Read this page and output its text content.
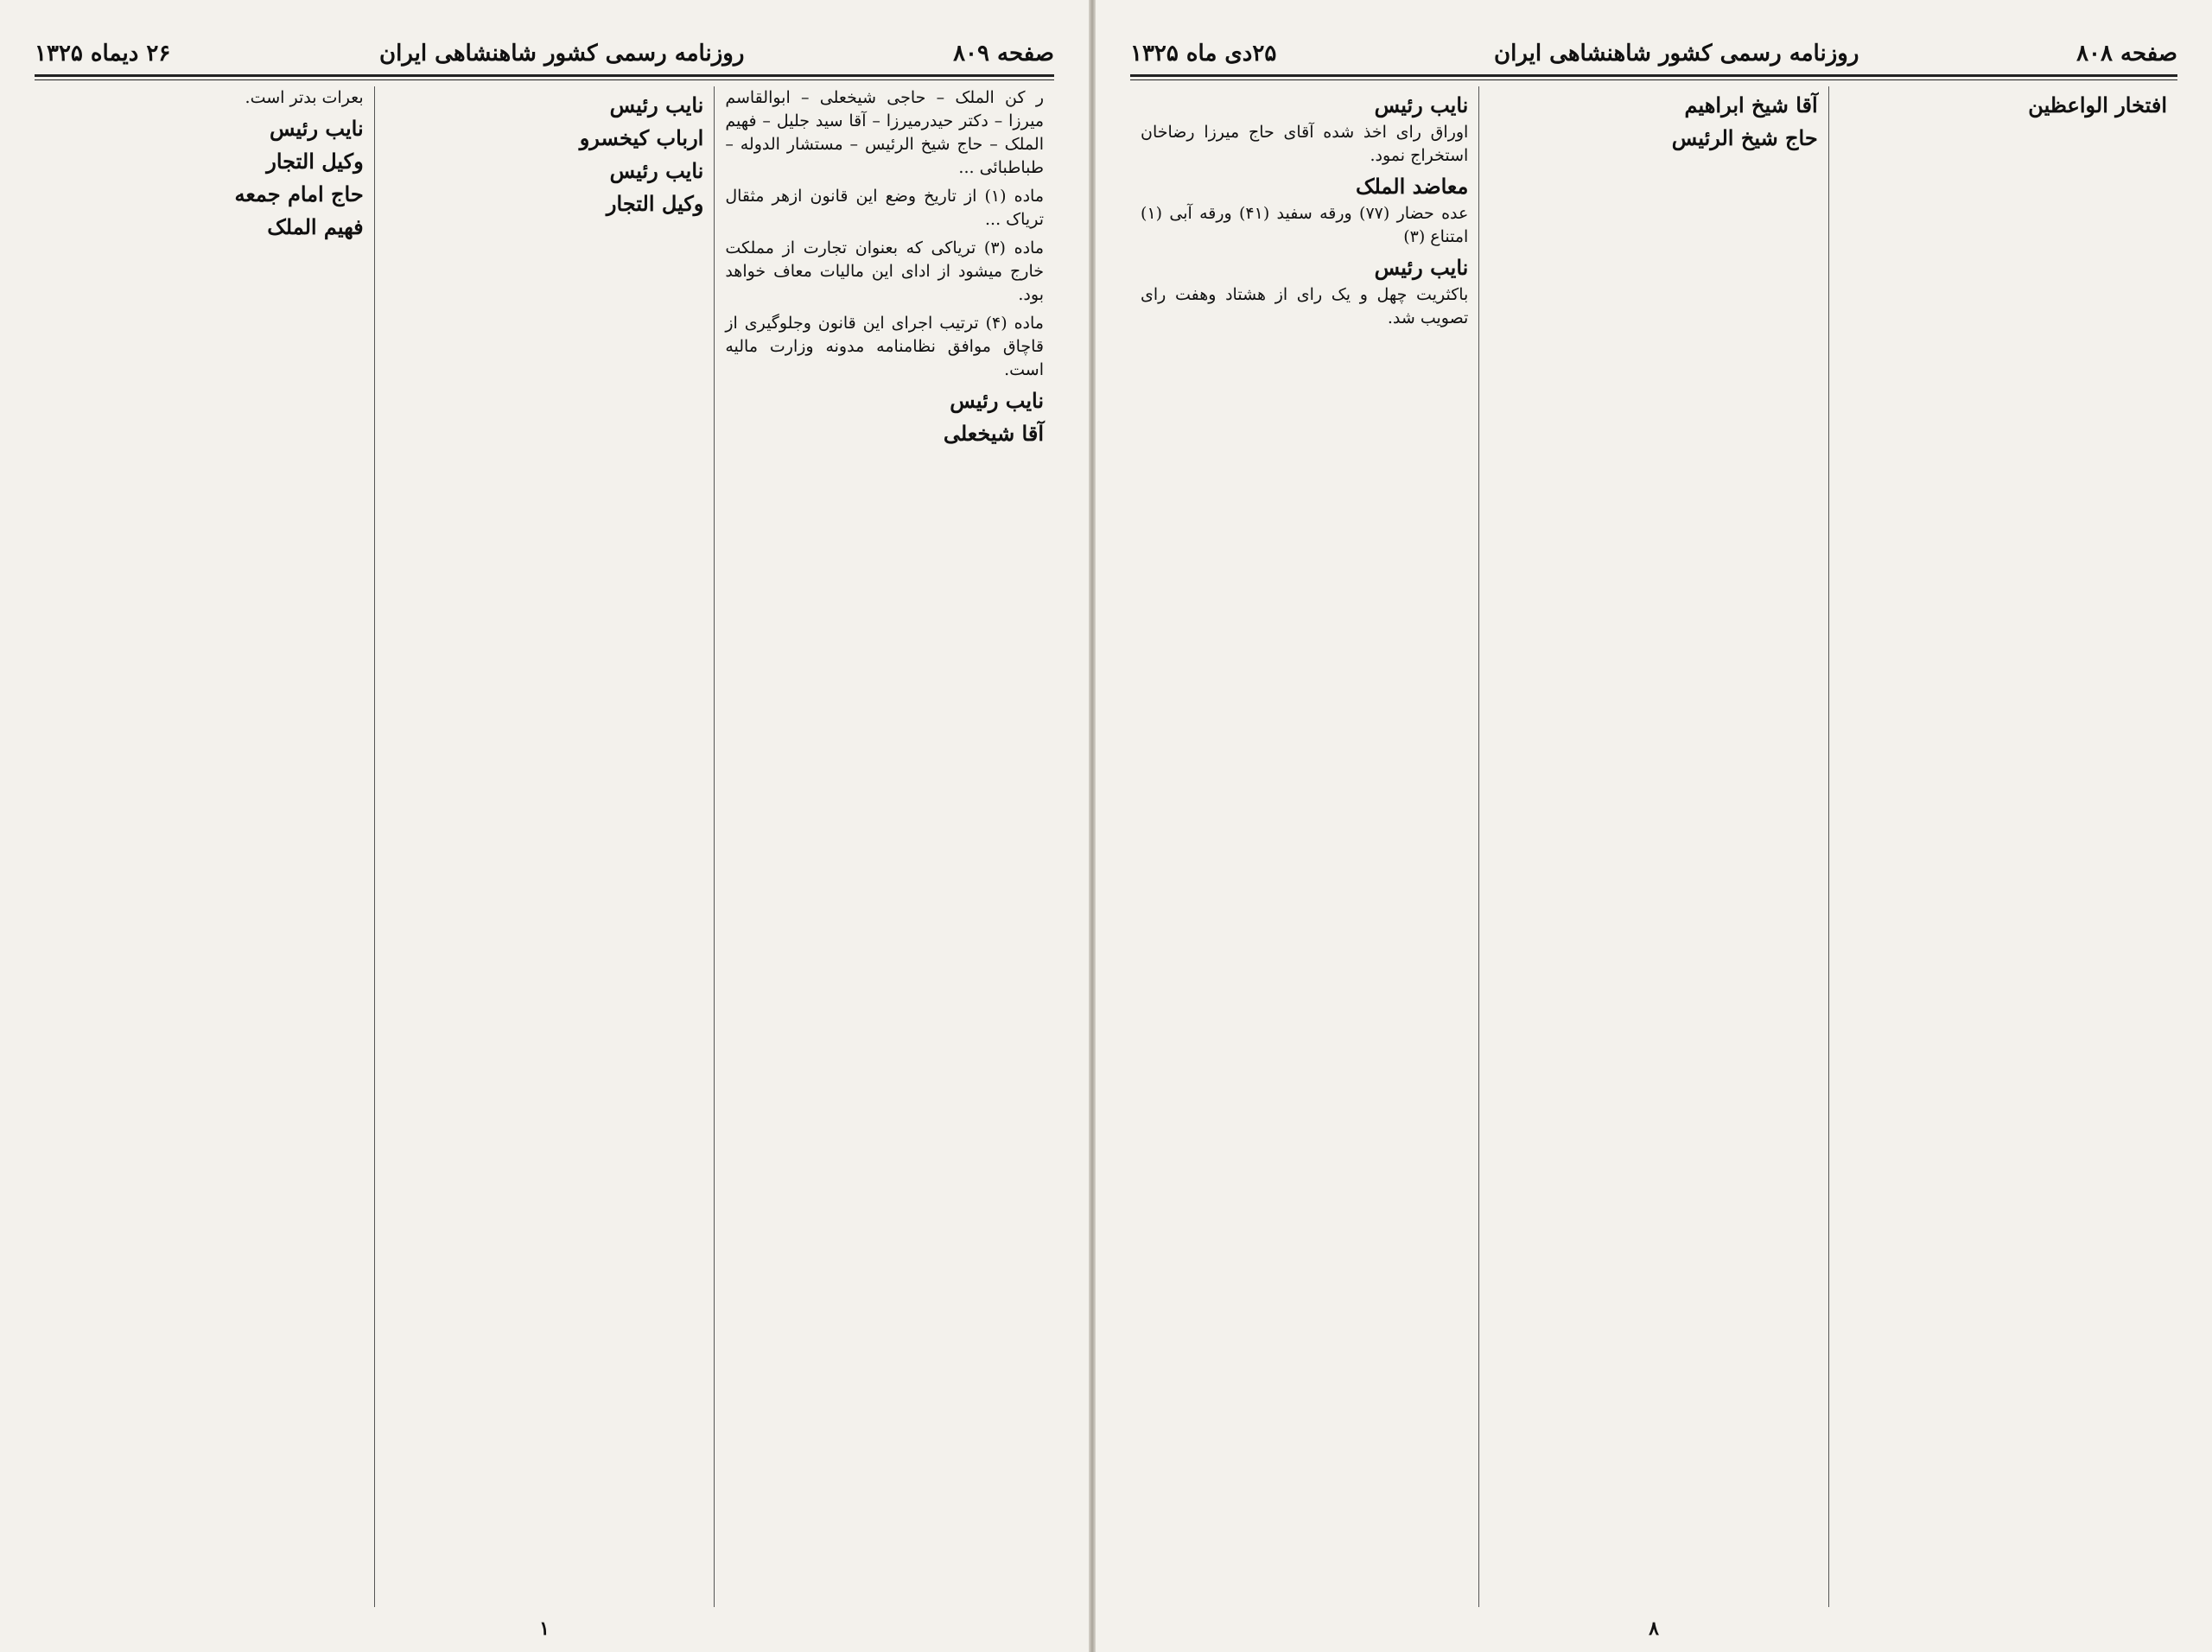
صفحه ۸۰۹
روزنامه رسمی کشور شاهنشاهی ایران
۲۶ دیماه ۱۳۲۵
ر کن الملک – حاجی شیخعلی – ابوالقاسم میرزا – دکتر حیدرمیرزا – آقا سید جلیل – فهیم الملک – حاج شیخ الرئیس – مستشار الدوله – طباطبائی ...
ماده (۱) از تاریخ وضع این قانون ازهر مثقال تریاک ...
ماده (۳) تریاکی که بعنوان تجارت از مملکت خارج میشود از ادای این مالیات معاف خواهد بود.
ماده (۴) ترتیب اجرای این قانون وجلوگیری از قاچاق موافق نظامنامه مدونه وزارت مالیه است.
نایب رئیس
آقا شیخعلی
نایب رئیس
ارباب کیخسرو
نایب رئیس
وکیل التجار
بعرات بدتر است.
نایب رئیس
وکیل التجار
حاج امام جمعه
فهیم الملک
۱
صفحه ۸۰۸
روزنامه رسمی کشور شاهنشاهی ایران
۲۵دی ماه ۱۳۲۵
افتخار الواعظین
آقا شیخ ابراهیم
حاج شیخ الرئیس
نایب رئیس
اوراق رای اخذ شده آقای حاج میرزا رضاخان استخراج نمود.
معاضد الملک
عده حضار (۷۷) ورقه سفید (۴۱) ورقه آبی (۱) امتناع (۳)
نایب رئیس
باکثریت چهل و یک رای از هشتاد وهفت رای تصویب شد.
۸
